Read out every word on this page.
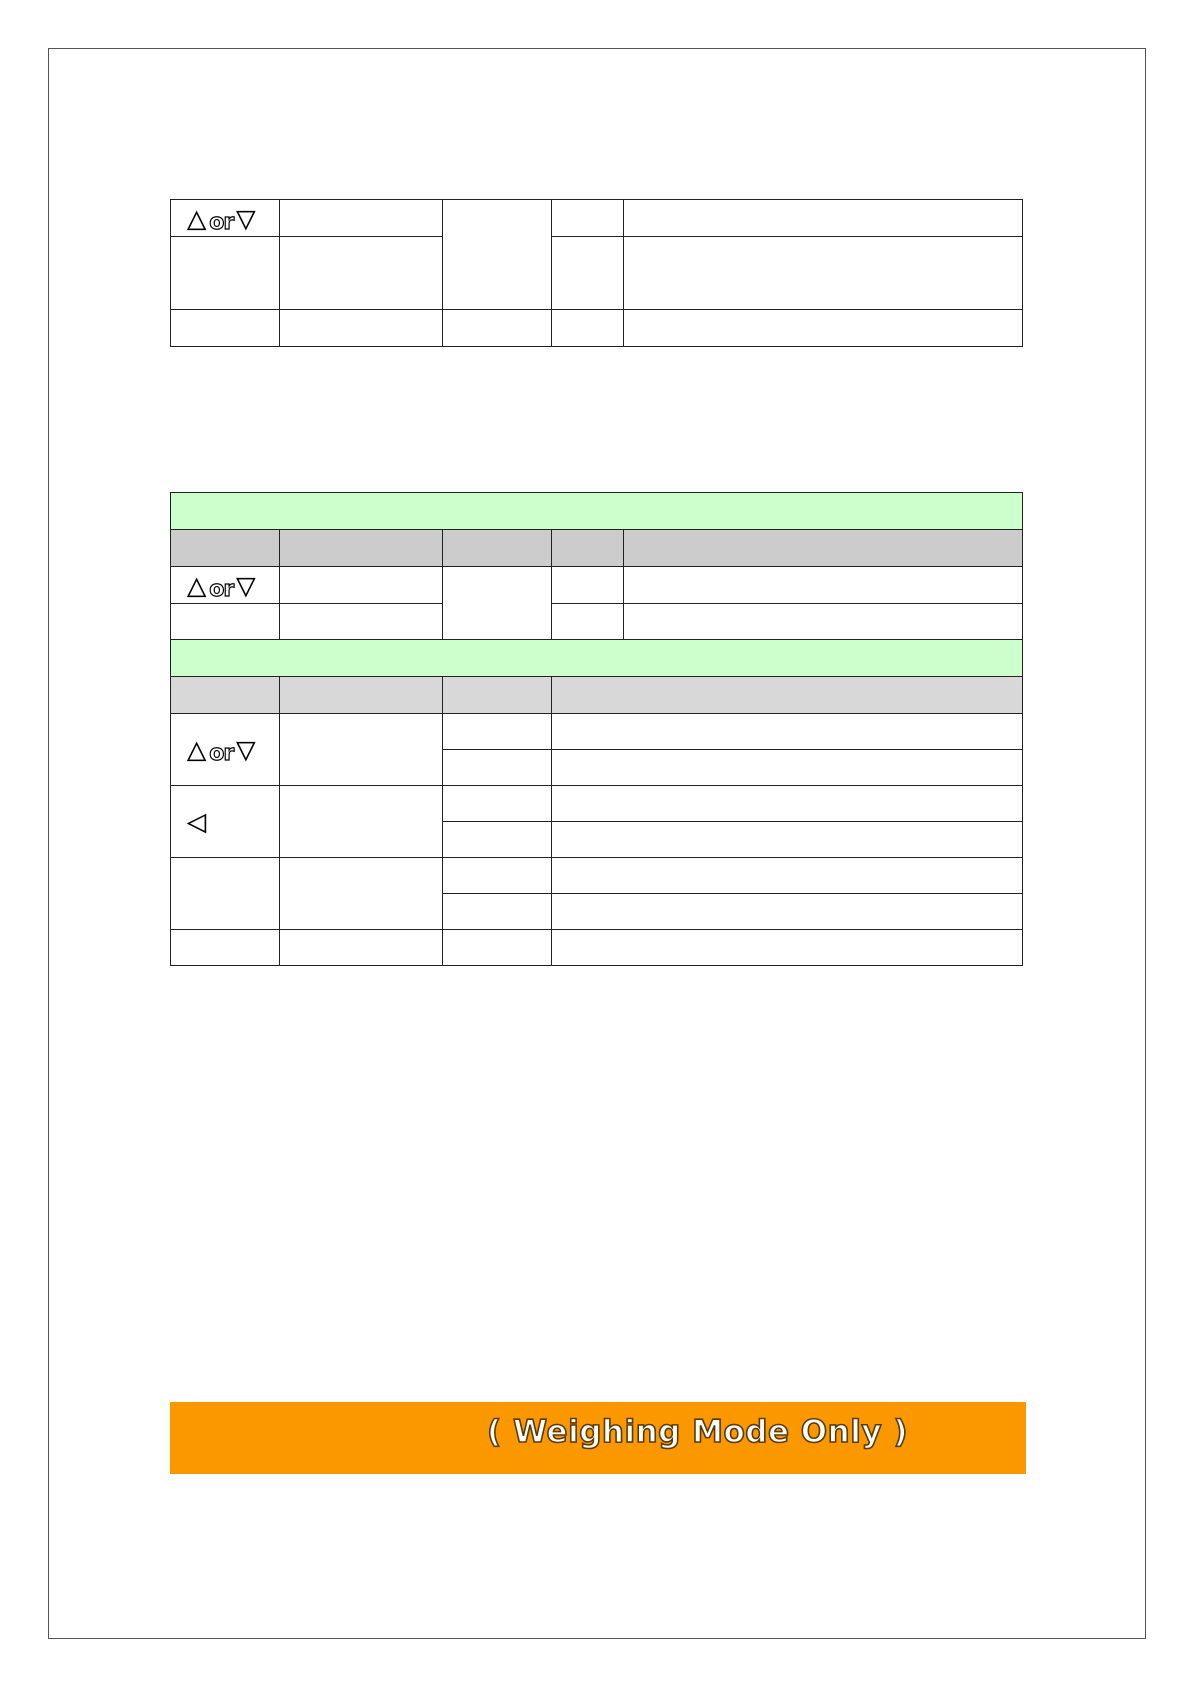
△ or ▽				

△ or ▽				

△ or ▽				

◁				

( Weighing Mode Only )
